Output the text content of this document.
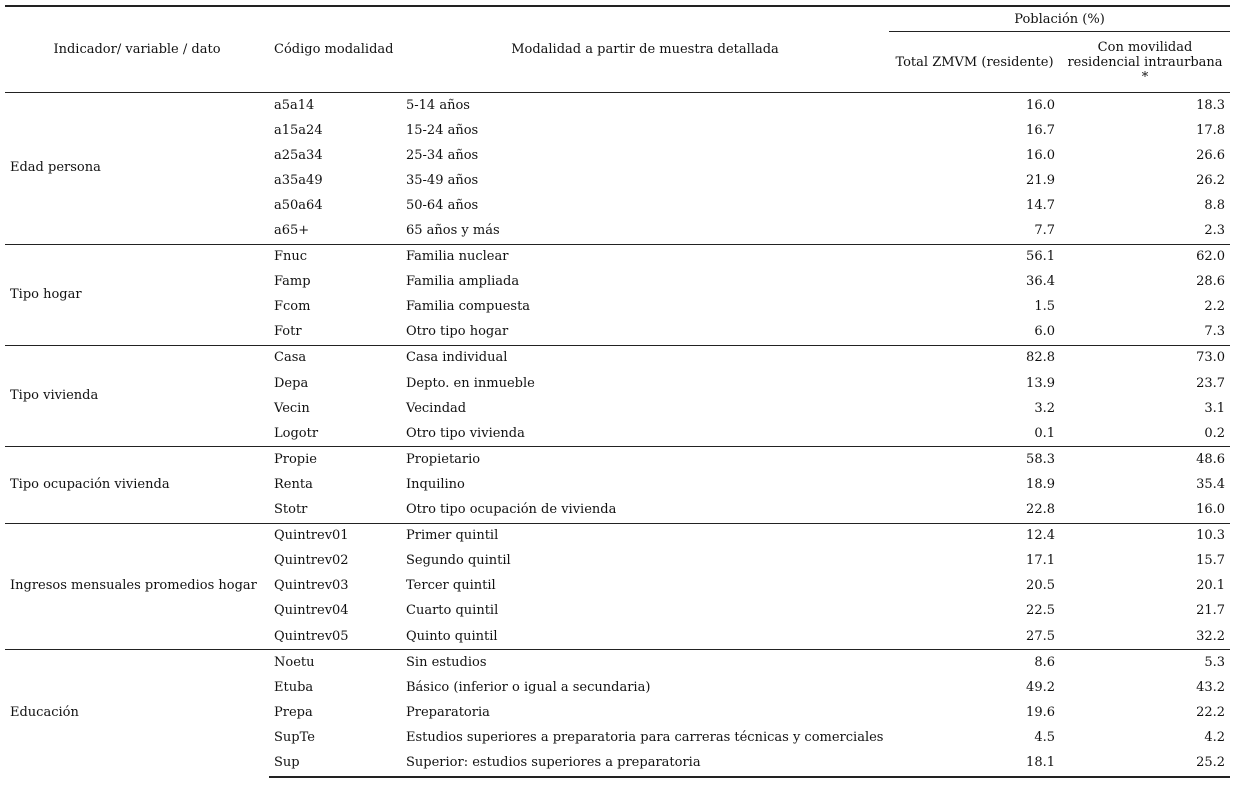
Indicador/ variable / dato	Código modalidad	Modalidad a partir de muestra detallada	Población (%)	
			Total ZMVM (residente)	Con movilidad residencial intraurbana *
Edad persona	a5a14	5-14 años	16.0	18.3
	a15a24	15-24 años	16.7	17.8
	a25a34	25-34 años	16.0	26.6
	a35a49	35-49 años	21.9	26.2
	a50a64	50-64 años	14.7	8.8
	a65+	65 años y más	7.7	2.3
Tipo hogar	Fnuc	Familia nuclear	56.1	62.0
	Famp	Familia ampliada	36.4	28.6
	Fcom	Familia compuesta	1.5	2.2
	Fotr	Otro tipo hogar	6.0	7.3
Tipo vivienda	Casa	Casa individual	82.8	73.0
	Depa	Depto. en inmueble	13.9	23.7
	Vecin	Vecindad	3.2	3.1
	Logotr	Otro tipo vivienda	0.1	0.2
Tipo ocupación vivienda	Propie	Propietario	58.3	48.6
	Renta	Inquilino	18.9	35.4
	Stotr	Otro tipo ocupación de vivienda	22.8	16.0
Ingresos mensuales promedios hogar	Quintrev01	Primer quintil	12.4	10.3
	Quintrev02	Segundo quintil	17.1	15.7
	Quintrev03	Tercer quintil	20.5	20.1
	Quintrev04	Cuarto quintil	22.5	21.7
	Quintrev05	Quinto quintil	27.5	32.2
Educación	Noetu	Sin estudios	8.6	5.3
	Etuba	Básico (inferior o igual a secundaria)	49.2	43.2
	Prepa	Preparatoria	19.6	22.2
	SupTe	Estudios superiores a preparatoria para carreras técnicas y comerciales	4.5	4.2
	Sup	Superior: estudios superiores a preparatoria	18.1	25.2
